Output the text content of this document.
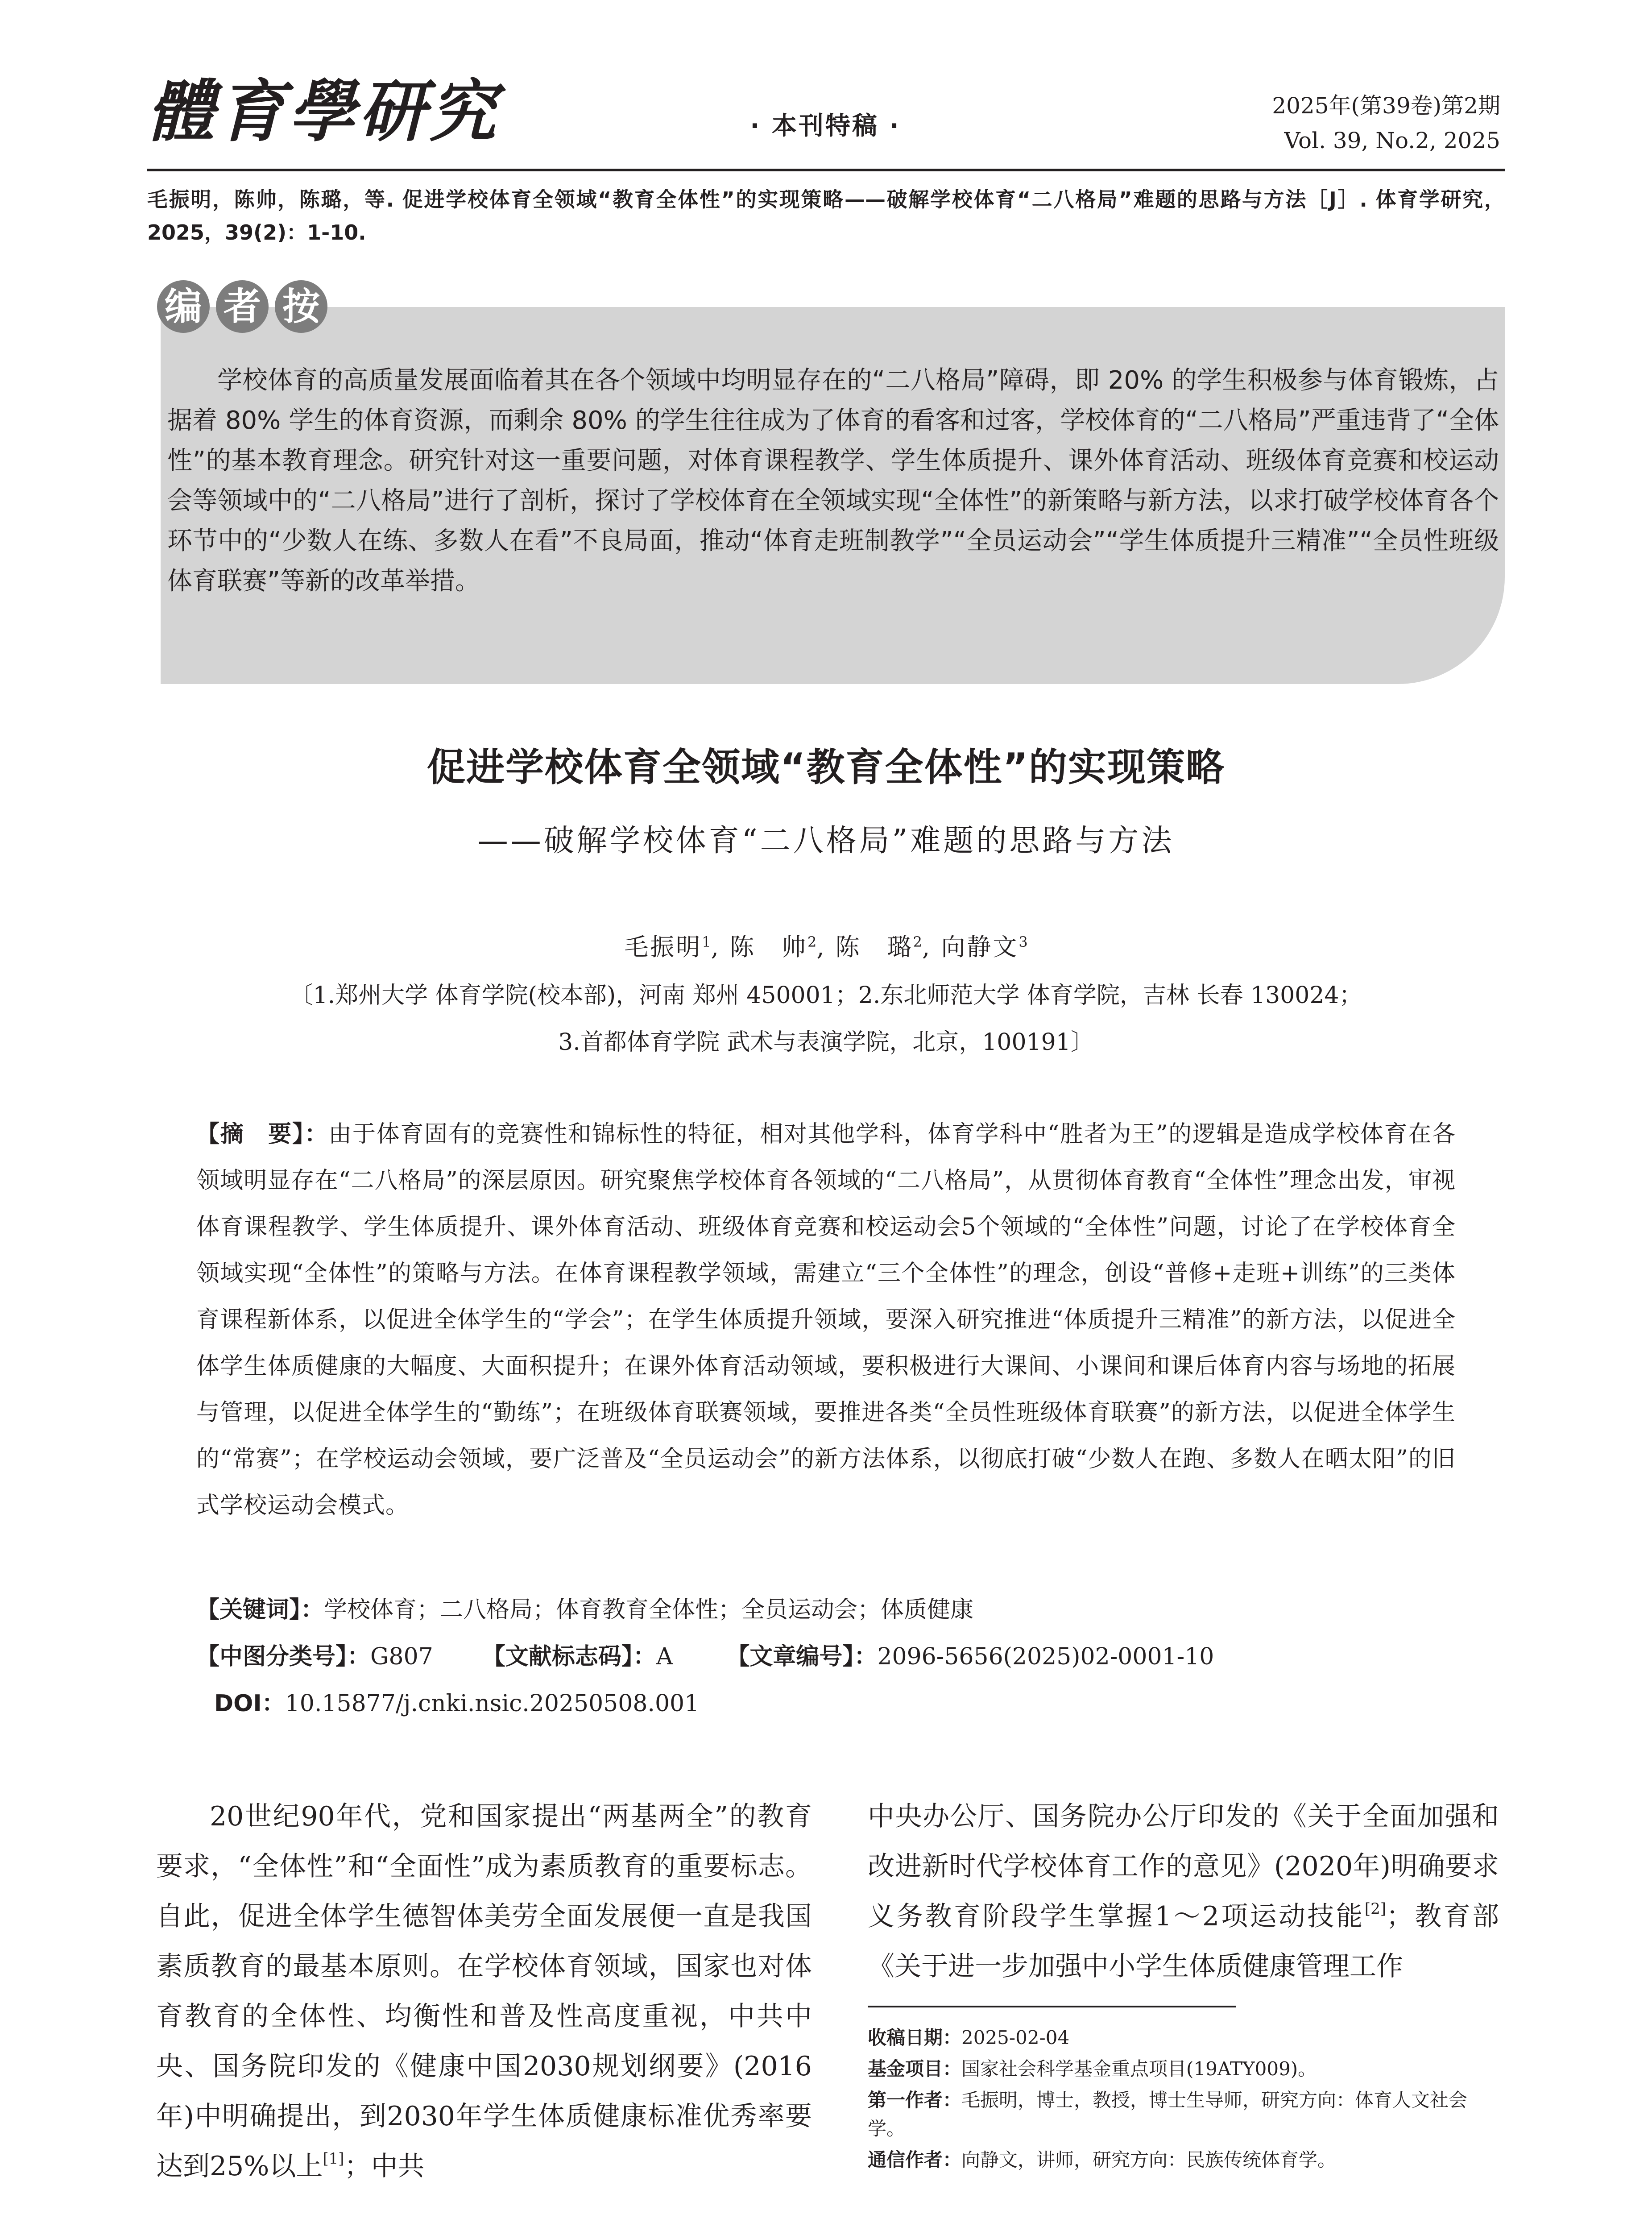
體育學研究	· 本刊特稿 ·
2025年(第39卷)第2期
Vol. 39, No.2, 2025
毛振明，陈帅，陈璐，等. 促进学校体育全领域“教育全体性”的实现策略——破解学校体育“二八格局”难题的思路与方法［J］. 体育学研究，2025，39(2)：1-10.
编 者 按
学校体育的高质量发展面临着其在各个领域中均明显存在的“二八格局”障碍，即 20% 的学生积极参与体育锻炼，占据着 80% 学生的体育资源，而剩余 80% 的学生往往成为了体育的看客和过客，学校体育的“二八格局”严重违背了“全体性”的基本教育理念。研究针对这一重要问题，对体育课程教学、学生体质提升、课外体育活动、班级体育竞赛和校运动会等领域中的“二八格局”进行了剖析，探讨了学校体育在全领域实现“全体性”的新策略与新方法，以求打破学校体育各个环节中的“少数人在练、多数人在看”不良局面，推动“体育走班制教学”“全员运动会”“学生体质提升三精准”“全员性班级体育联赛”等新的改革举措。
促进学校体育全领域“教育全体性”的实现策略
——破解学校体育“二八格局”难题的思路与方法
毛振明$^1$, 陈　帅$^2$, 陈　璐$^2$, 向静文$^3$
〔1.郑州大学 体育学院(校本部)，河南 郑州 450001；2.东北师范大学 体育学院，吉林 长春 130024；
3.首都体育学院 武术与表演学院，北京，100191〕
【摘　要】：由于体育固有的竞赛性和锦标性的特征，相对其他学科，体育学科中“胜者为王”的逻辑是造成学校体育在各领域明显存在“二八格局”的深层原因。研究聚焦学校体育各领域的“二八格局”，从贯彻体育教育“全体性”理念出发，审视体育课程教学、学生体质提升、课外体育活动、班级体育竞赛和校运动会5个领域的“全体性”问题，讨论了在学校体育全领域实现“全体性”的策略与方法。在体育课程教学领域，需建立“三个全体性”的理念，创设“普修+走班+训练”的三类体育课程新体系，以促进全体学生的“学会”；在学生体质提升领域，要深入研究推进“体质提升三精准”的新方法，以促进全体学生体质健康的大幅度、大面积提升；在课外体育活动领域，要积极进行大课间、小课间和课后体育内容与场地的拓展与管理，以促进全体学生的“勤练”；在班级体育联赛领域，要推进各类“全员性班级体育联赛”的新方法，以促进全体学生的“常赛”；在学校运动会领域，要广泛普及“全员运动会”的新方法体系，以彻底打破“少数人在跑、多数人在晒太阳”的旧式学校运动会模式。
【关键词】：学校体育；二八格局；体育教育全体性；全员运动会；体质健康
【中图分类号】：G807 【文献标志码】：A 【文章编号】：2096-5656(2025)02-0001-10
DOI：10.15877/j.cnki.nsic.20250508.001

20世纪90年代，党和国家提出“两基两全”的教育要求，“全体性”和“全面性”成为素质教育的重要标志。自此，促进全体学生德智体美劳全面发展便一直是我国素质教育的最基本原则。在学校体育领域，国家也对体育教育的全体性、均衡性和普及性高度重视，中共中央、国务院印发的《健康中国2030规划纲要》(2016年)中明确提出，到2030年学生体质健康标准优秀率要达到25%以上[1]；中共

中央办公厅、国务院办公厅印发的《关于全面加强和改进新时代学校体育工作的意见》(2020年)明确要求义务教育阶段学生掌握1～2项运动技能[2]；教育部《关于进一步加强中小学生体质健康管理工作

收稿日期：2025-02-04
基金项目：国家社会科学基金重点项目(19ATY009)。
第一作者：毛振明，博士，教授，博士生导师，研究方向：体育人文社会学。
通信作者：向静文，讲师，研究方向：民族传统体育学。
